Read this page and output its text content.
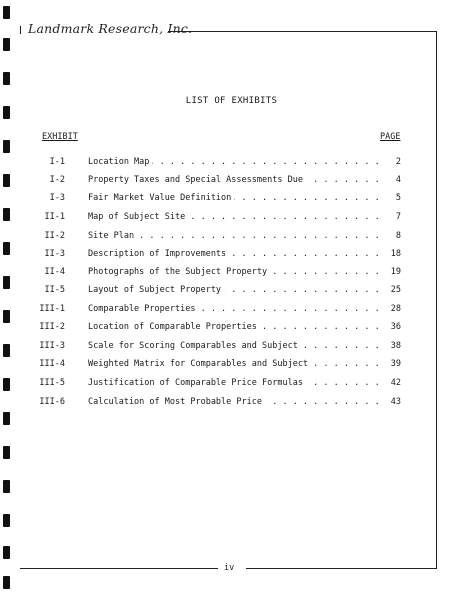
Landmark Research, Inc.
LIST OF EXHIBITS
EXHIBIT	PAGE
I-1	Location Map . . .	2
I-2	Property Taxes and Special Assessments Due . . .	4
I-3	Fair Market Value Definition . . .	5
II-1	Map of Subject Site . . .	7
II-2	Site Plan . . .	8
II-3	Description of Improvements . . .	18
II-4	Photographs of the Subject Property . . .	19
II-5	Layout of Subject Property . . .	25
III-1	Comparable Properties . . .	28
III-2	Location of Comparable Properties . . .	36
III-3	Scale for Scoring Comparables and Subject . . .	38
III-4	Weighted Matrix for Comparables and Subject . . .	39
III-5	Justification of Comparable Price Formulas . . .	42
III-6	Calculation of Most Probable Price . . .	43
iv
